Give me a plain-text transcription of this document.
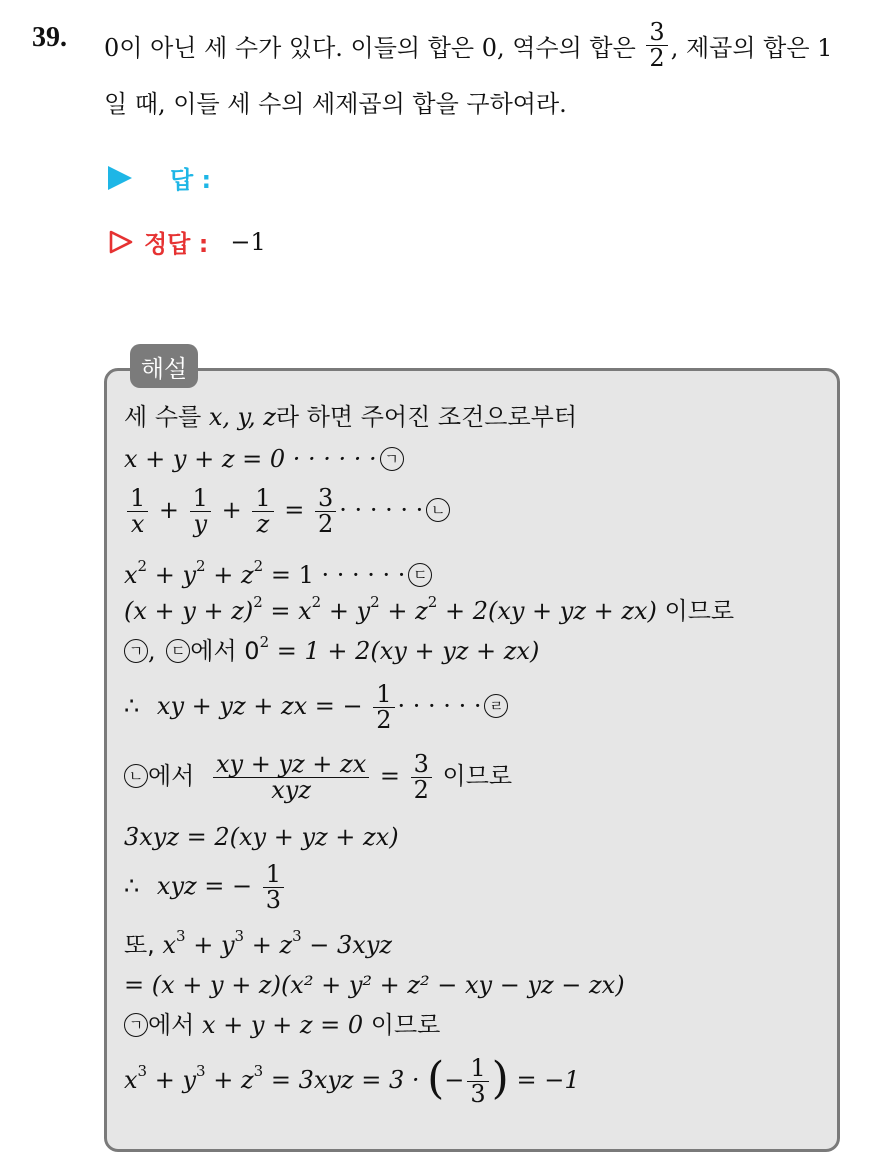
39. 0이 아닌 세 수가 있다. 이들의 합은 0, 역수의 합은 $\frac{3}{2}$ , 제곱의 합은 1
일 때, 이들 세 수의 세제곱의 합을 구하여라.
답 :
정답 : −1
해설
세 수를 x, y, z라 하면 주어진 조건으로부터
x + y + z = 0 · · · · · · ㄱ
$\frac{1}{x} + \frac{1}{y} + \frac{1}{z} = \frac{3}{2}$ · · · · · · ㄴ
$x^2 + y^2 + z^2 = 1$ · · · · · · ㄷ
$(x + y + z)^2 = x^2 + y^2 + z^2 + 2(xy$ + yz + zx) 이므로
ㄱ , ㄷ 에서 $0^2 = 1 + 2(xy$ + yz + zx)
∴ xy + yz + zx = − $\frac{1}{2}$ · · · · · · ㄹ
ㄴ 에서 $\frac{xy + yz + zx}{\text{xyz}} = \frac{3}{2}$ 이므로
3xyz = 2(xy + yz + zx)
∴ xyz = − $\frac{1}{3}$
또, $x^3 + y^3 + z^3 - 3xyz$
= (x + y + z)(x² + y² + z² − xy − yz − zx)
ㄱ 에서 x + y + z = 0 이므로
$x^3 + y^3 + z^3 = 3xyz = 3$ · (− $\frac{1}{3}$ ) = −1
